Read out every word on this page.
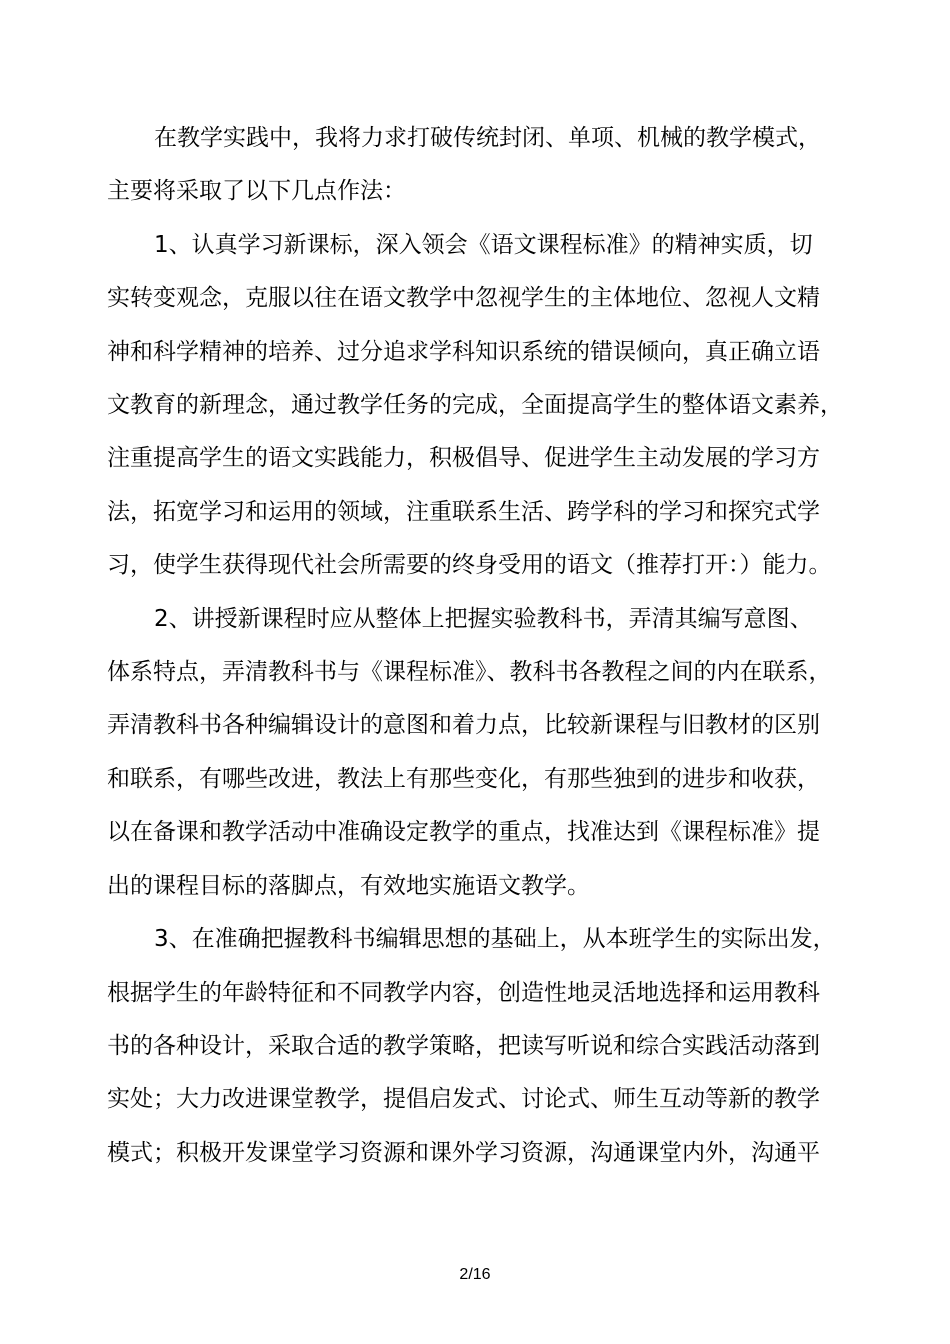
在教学实践中，我将力求打破传统封闭、单项、机械的教学模式，
主要将采取了以下几点作法：

1、认真学习新课标，深入领会《语文课程标准》的精神实质，切
实转变观念，克服以往在语文教学中忽视学生的主体地位、忽视人文精
神和科学精神的培养、过分追求学科知识系统的错误倾向，真正确立语
文教育的新理念，通过教学任务的完成，全面提高学生的整体语文素养，
注重提高学生的语文实践能力，积极倡导、促进学生主动发展的学习方
法，拓宽学习和运用的领域，注重联系生活、跨学科的学习和探究式学
习，使学生获得现代社会所需要的终身受用的语文（推荐打开：）能力。

2、讲授新课程时应从整体上把握实验教科书，弄清其编写意图、
体系特点，弄清教科书与《课程标准》、教科书各教程之间的内在联系，
弄清教科书各种编辑设计的意图和着力点，比较新课程与旧教材的区别
和联系，有哪些改进，教法上有那些变化，有那些独到的进步和收获，
以在备课和教学活动中准确设定教学的重点，找准达到《课程标准》提
出的课程目标的落脚点，有效地实施语文教学。

3、在准确把握教科书编辑思想的基础上，从本班学生的实际出发，
根据学生的年龄特征和不同教学内容，创造性地灵活地选择和运用教科
书的各种设计，采取合适的教学策略，把读写听说和综合实践活动落到
实处；大力改进课堂教学，提倡启发式、讨论式、师生互动等新的教学
模式；积极开发课堂学习资源和课外学习资源，沟通课堂内外，沟通平

2/16
